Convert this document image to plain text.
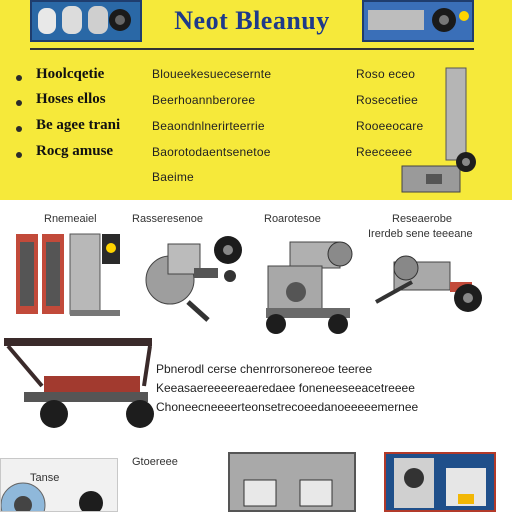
Neot Bleanuy
Hoolcqetie
Hoses ellos
Be agee trani
Rocg amuse
Bloueekesuecesernte
Beerhoannberoree
Beaondnlnerirteerrie
Baorotodaentsenetoe
Baeime
Roso eceo
Rosecetiee
Rooeeocare
Reeceeee
Rnemeaiel	Rasseresenoe	Roarotesoe	Reseaerobe
Irerdeb sene teeeane
Pbnerodl cerse chenrrorsonereoe teeree
Keeasaereeeereaeredaee foneneeseeacetreeee
Choneecneeeerteonsetrecoeedanoeeeeemernee
Tanse
Gtoereee
